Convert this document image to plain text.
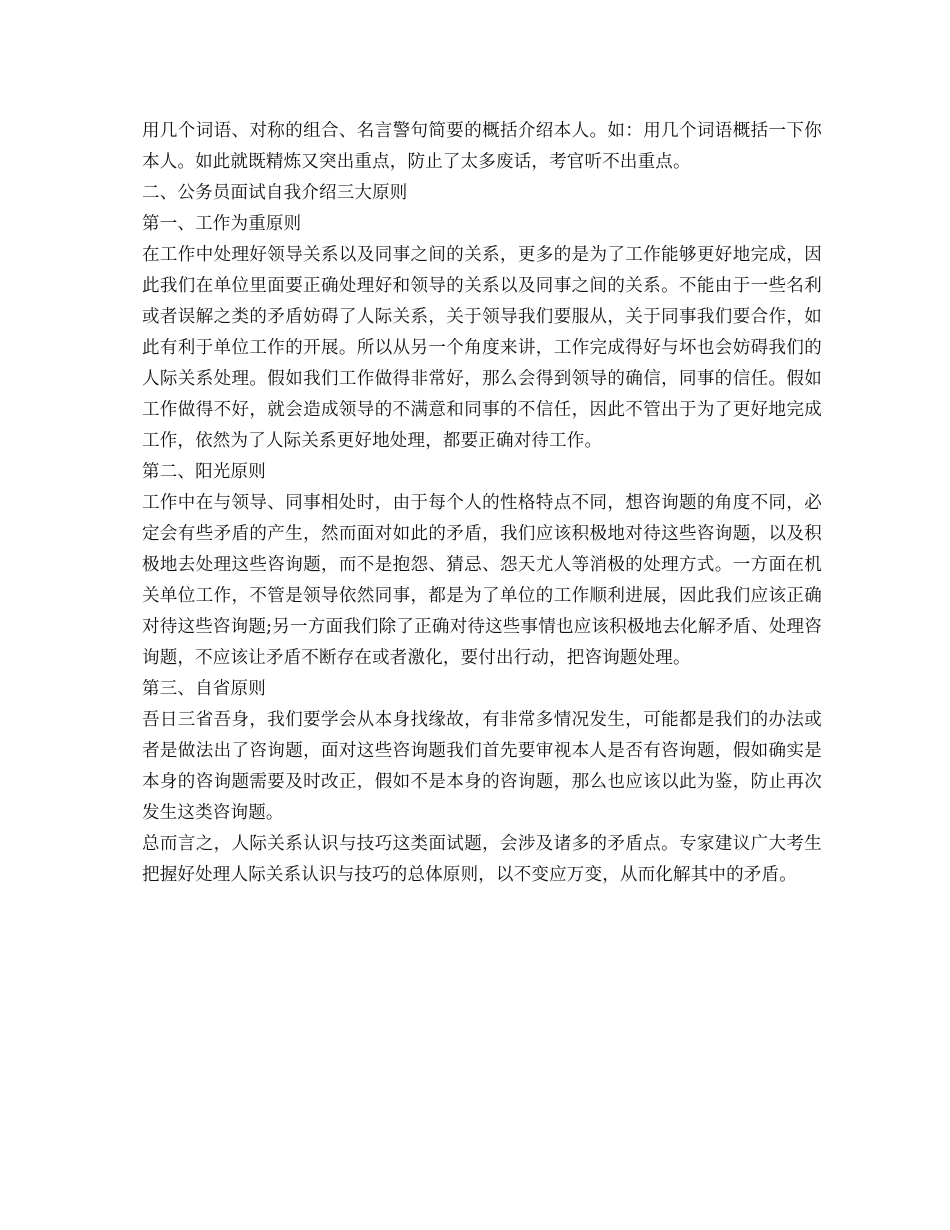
用几个词语、对称的组合、名言警句简要的概括介绍本人。如：用几个词语概括一下你本人。如此就既精炼又突出重点，防止了太多废话，考官听不出重点。

二、公务员面试自我介绍三大原则

第一、工作为重原则

在工作中处理好领导关系以及同事之间的关系，更多的是为了工作能够更好地完成，因此我们在单位里面要正确处理好和领导的关系以及同事之间的关系。不能由于一些名利或者误解之类的矛盾妨碍了人际关系，关于领导我们要服从，关于同事我们要合作，如此有利于单位工作的开展。所以从另一个角度来讲，工作完成得好与坏也会妨碍我们的人际关系处理。假如我们工作做得非常好，那么会得到领导的确信，同事的信任。假如工作做得不好，就会造成领导的不满意和同事的不信任，因此不管出于为了更好地完成工作，依然为了人际关系更好地处理，都要正确对待工作。

第二、阳光原则

工作中在与领导、同事相处时，由于每个人的性格特点不同，想咨询题的角度不同，必定会有些矛盾的产生，然而面对如此的矛盾，我们应该积极地对待这些咨询题，以及积极地去处理这些咨询题，而不是抱怨、猜忌、怨天尤人等消极的处理方式。一方面在机关单位工作，不管是领导依然同事，都是为了单位的工作顺利进展，因此我们应该正确对待这些咨询题;另一方面我们除了正确对待这些事情也应该积极地去化解矛盾、处理咨询题，不应该让矛盾不断存在或者激化，要付出行动，把咨询题处理。

第三、自省原则

吾日三省吾身，我们要学会从本身找缘故，有非常多情况发生，可能都是我们的办法或者是做法出了咨询题，面对这些咨询题我们首先要审视本人是否有咨询题，假如确实是本身的咨询题需要及时改正，假如不是本身的咨询题，那么也应该以此为鉴，防止再次发生这类咨询题。

总而言之，人际关系认识与技巧这类面试题，会涉及诸多的矛盾点。专家建议广大考生把握好处理人际关系认识与技巧的总体原则，以不变应万变，从而化解其中的矛盾。
